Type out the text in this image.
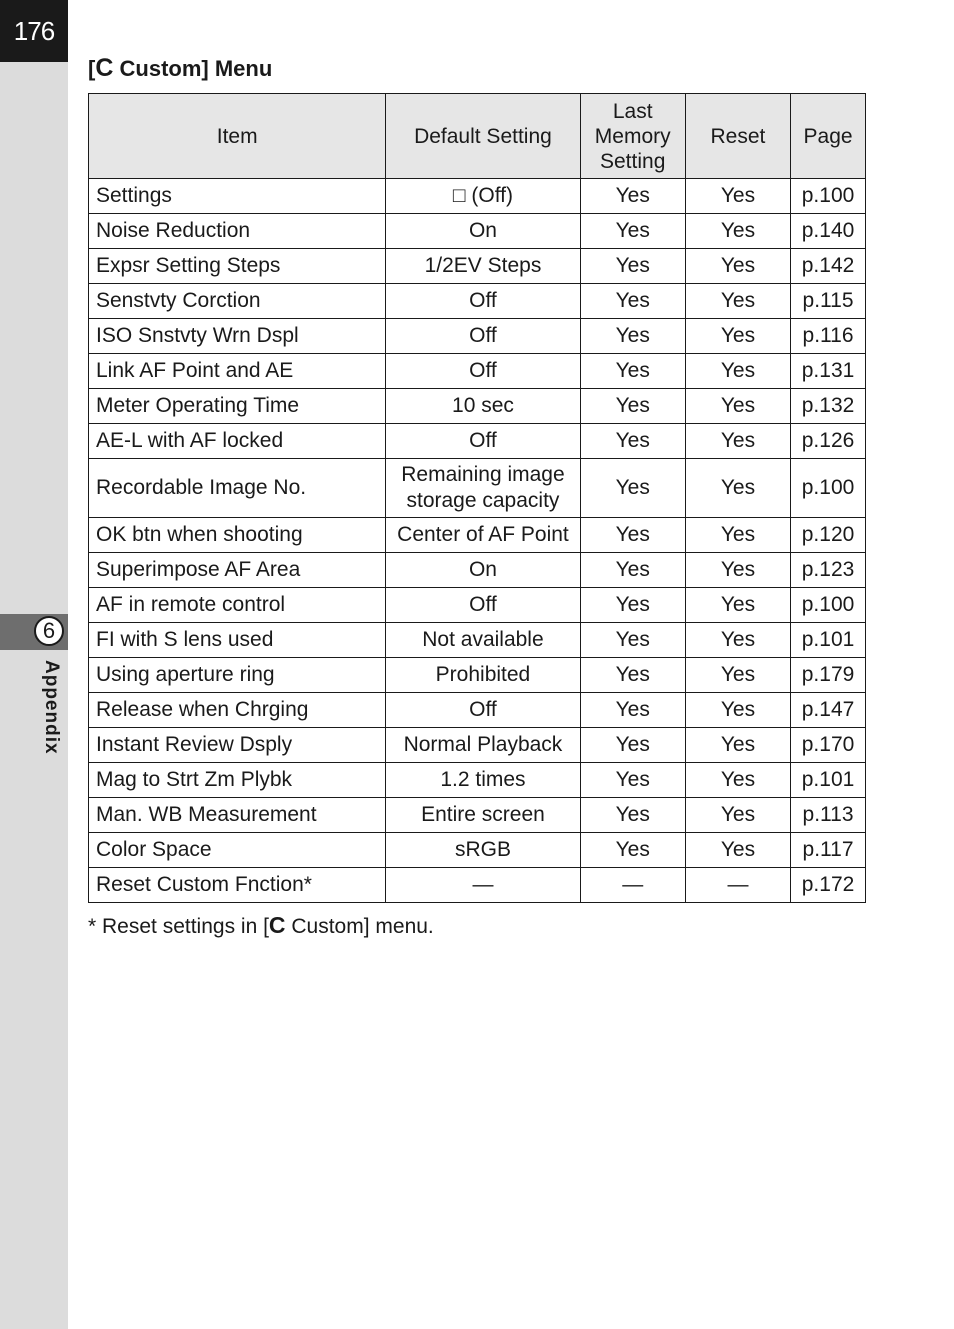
176
6
Appendix
[C Custom] Menu
Item	Default Setting	Last Memory Setting	Reset	Page
Settings	□ (Off)	Yes	Yes	p.100
Noise Reduction	On	Yes	Yes	p.140
Expsr Setting Steps	1/2EV Steps	Yes	Yes	p.142
Senstvty Corction	Off	Yes	Yes	p.115
ISO Snstvty Wrn Dspl	Off	Yes	Yes	p.116
Link AF Point and AE	Off	Yes	Yes	p.131
Meter Operating Time	10 sec	Yes	Yes	p.132
AE-L with AF locked	Off	Yes	Yes	p.126
Recordable Image No.	Remaining image storage capacity	Yes	Yes	p.100
OK btn when shooting	Center of AF Point	Yes	Yes	p.120
Superimpose AF Area	On	Yes	Yes	p.123
AF in remote control	Off	Yes	Yes	p.100
FI with S lens used	Not available	Yes	Yes	p.101
Using aperture ring	Prohibited	Yes	Yes	p.179
Release when Chrging	Off	Yes	Yes	p.147
Instant Review Dsply	Normal Playback	Yes	Yes	p.170
Mag to Strt Zm Plybk	1.2 times	Yes	Yes	p.101
Man. WB Measurement	Entire screen	Yes	Yes	p.113
Color Space	sRGB	Yes	Yes	p.117
Reset Custom Fnction*	—	—	—	p.172
* Reset settings in [C Custom] menu.
